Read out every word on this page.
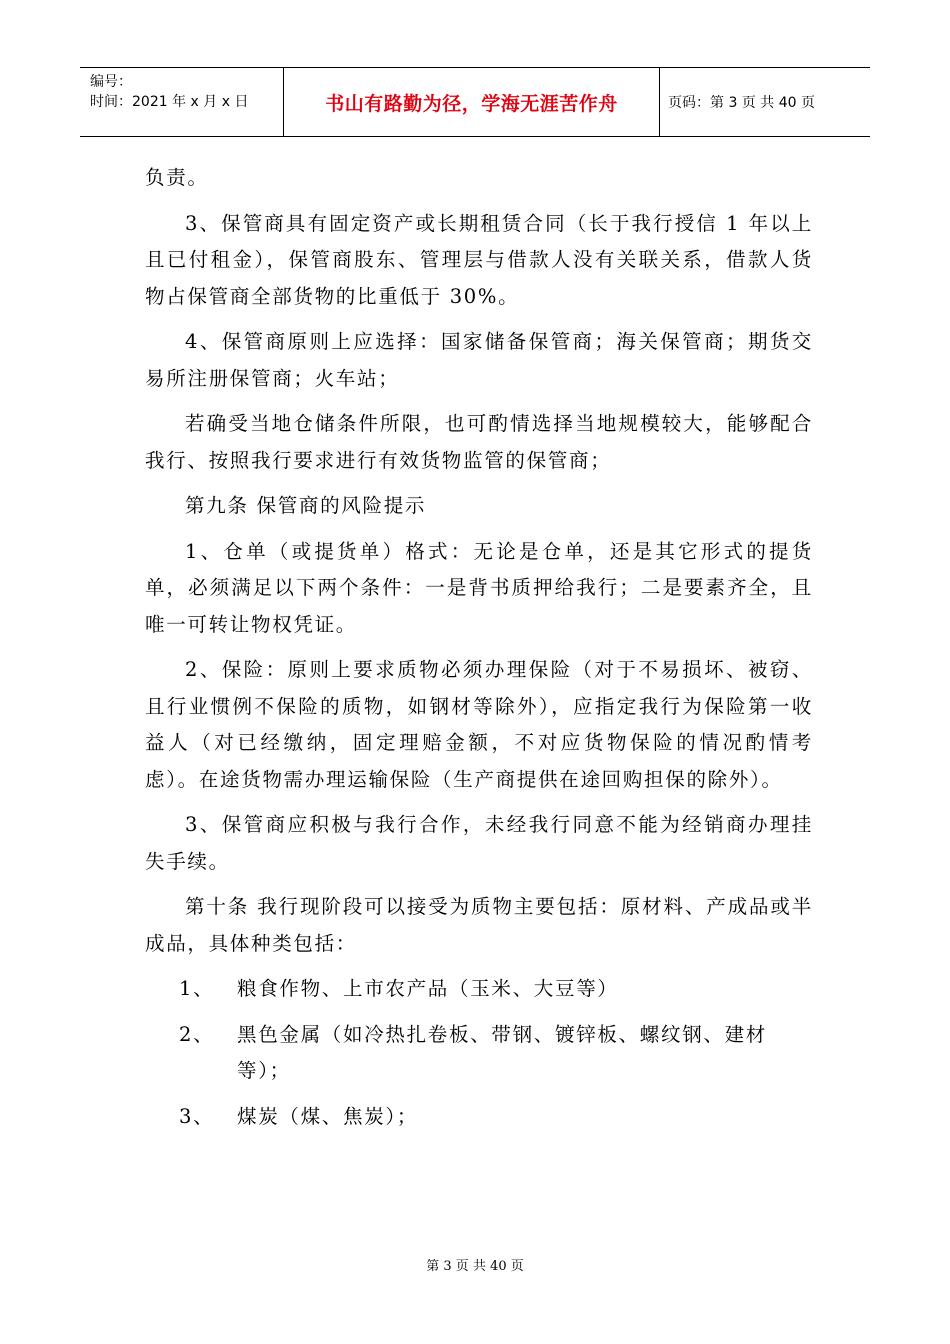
编号：
时间：2021 年 x 月 x 日	书山有路勤为径，学海无涯苦作舟	页码：第 3 页 共 40 页

负责。

3、保管商具有固定资产或长期租赁合同（长于我行授信 1 年以上且已付租金），保管商股东、管理层与借款人没有关联关系，借款人货物占保管商全部货物的比重低于 30%。

4、保管商原则上应选择：国家储备保管商；海关保管商；期货交易所注册保管商；火车站；

若确受当地仓储条件所限，也可酌情选择当地规模较大，能够配合我行、按照我行要求进行有效货物监管的保管商；

第九条 保管商的风险提示

1、仓单（或提货单）格式：无论是仓单，还是其它形式的提货单，必须满足以下两个条件：一是背书质押给我行；二是要素齐全，且唯一可转让物权凭证。

2、保险：原则上要求质物必须办理保险（对于不易损坏、被窃、且行业惯例不保险的质物，如钢材等除外），应指定我行为保险第一收益人（对已经缴纳，固定理赔金额，不对应货物保险的情况酌情考虑）。在途货物需办理运输保险（生产商提供在途回购担保的除外）。

3、保管商应积极与我行合作，未经我行同意不能为经销商办理挂失手续。

第十条 我行现阶段可以接受为质物主要包括：原材料、产成品或半成品，具体种类包括：

1、	粮食作物、上市农产品（玉米、大豆等）
2、	黑色金属（如冷热扎卷板、带钢、镀锌板、螺纹钢、建材等）；
3、	煤炭（煤、焦炭）；
第 3 页 共 40 页
